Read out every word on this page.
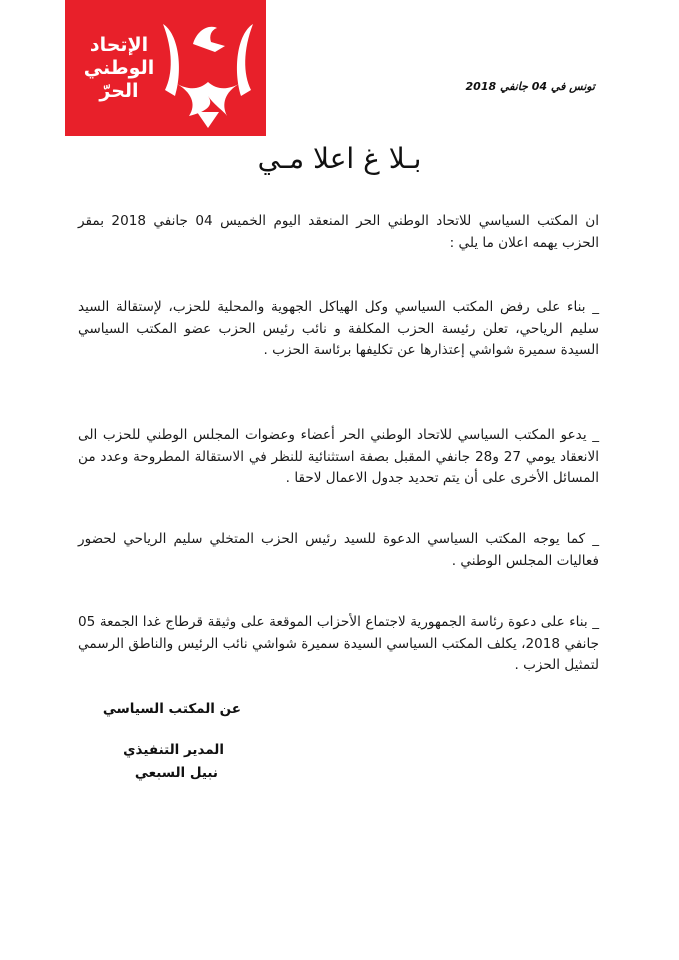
الإتحاد
الوطني
الحرّ	تونس في 04 جانفي 2018
بـلا غ اعلا مـي
ان المكتب السياسي للاتحاد الوطني الحر المنعقد اليوم الخميس 04 جانفي 2018 بمقر الحزب يهمه اعلان ما يلي :
_ بناء على رفض المكتب السياسي وكل الهياكل الجهوية والمحلية للحزب، لإستقالة السيد سليم الرياحي، تعلن رئيسة الحزب المكلفة و نائب رئيس الحزب عضو المكتب السياسي السيدة سميرة شواشي إعتذارها عن تكليفها برئاسة الحزب .
_ يدعو المكتب السياسي للاتحاد الوطني الحر أعضاء وعضوات المجلس الوطني للحزب الى الانعقاد يومي 27 و28 جانفي المقبل بصفة استثنائية للنظر في الاستقالة المطروحة وعدد من المسائل الأخرى على أن يتم تحديد جدول الاعمال لاحقا .
_ كما يوجه المكتب السياسي الدعوة للسيد رئيس الحزب المتخلي سليم الرياحي لحضور فعاليات المجلس الوطني .
_ بناء على دعوة رئاسة الجمهورية لاجتماع الأحزاب الموقعة على وثيقة قرطاج غدا الجمعة 05 جانفي 2018، يكلف المكتب السياسي السيدة سميرة شواشي نائب الرئيس والناطق الرسمي لتمثيل الحزب .
عن المكتب السياسي
المدير التنفيذي
نبيل السبعي
